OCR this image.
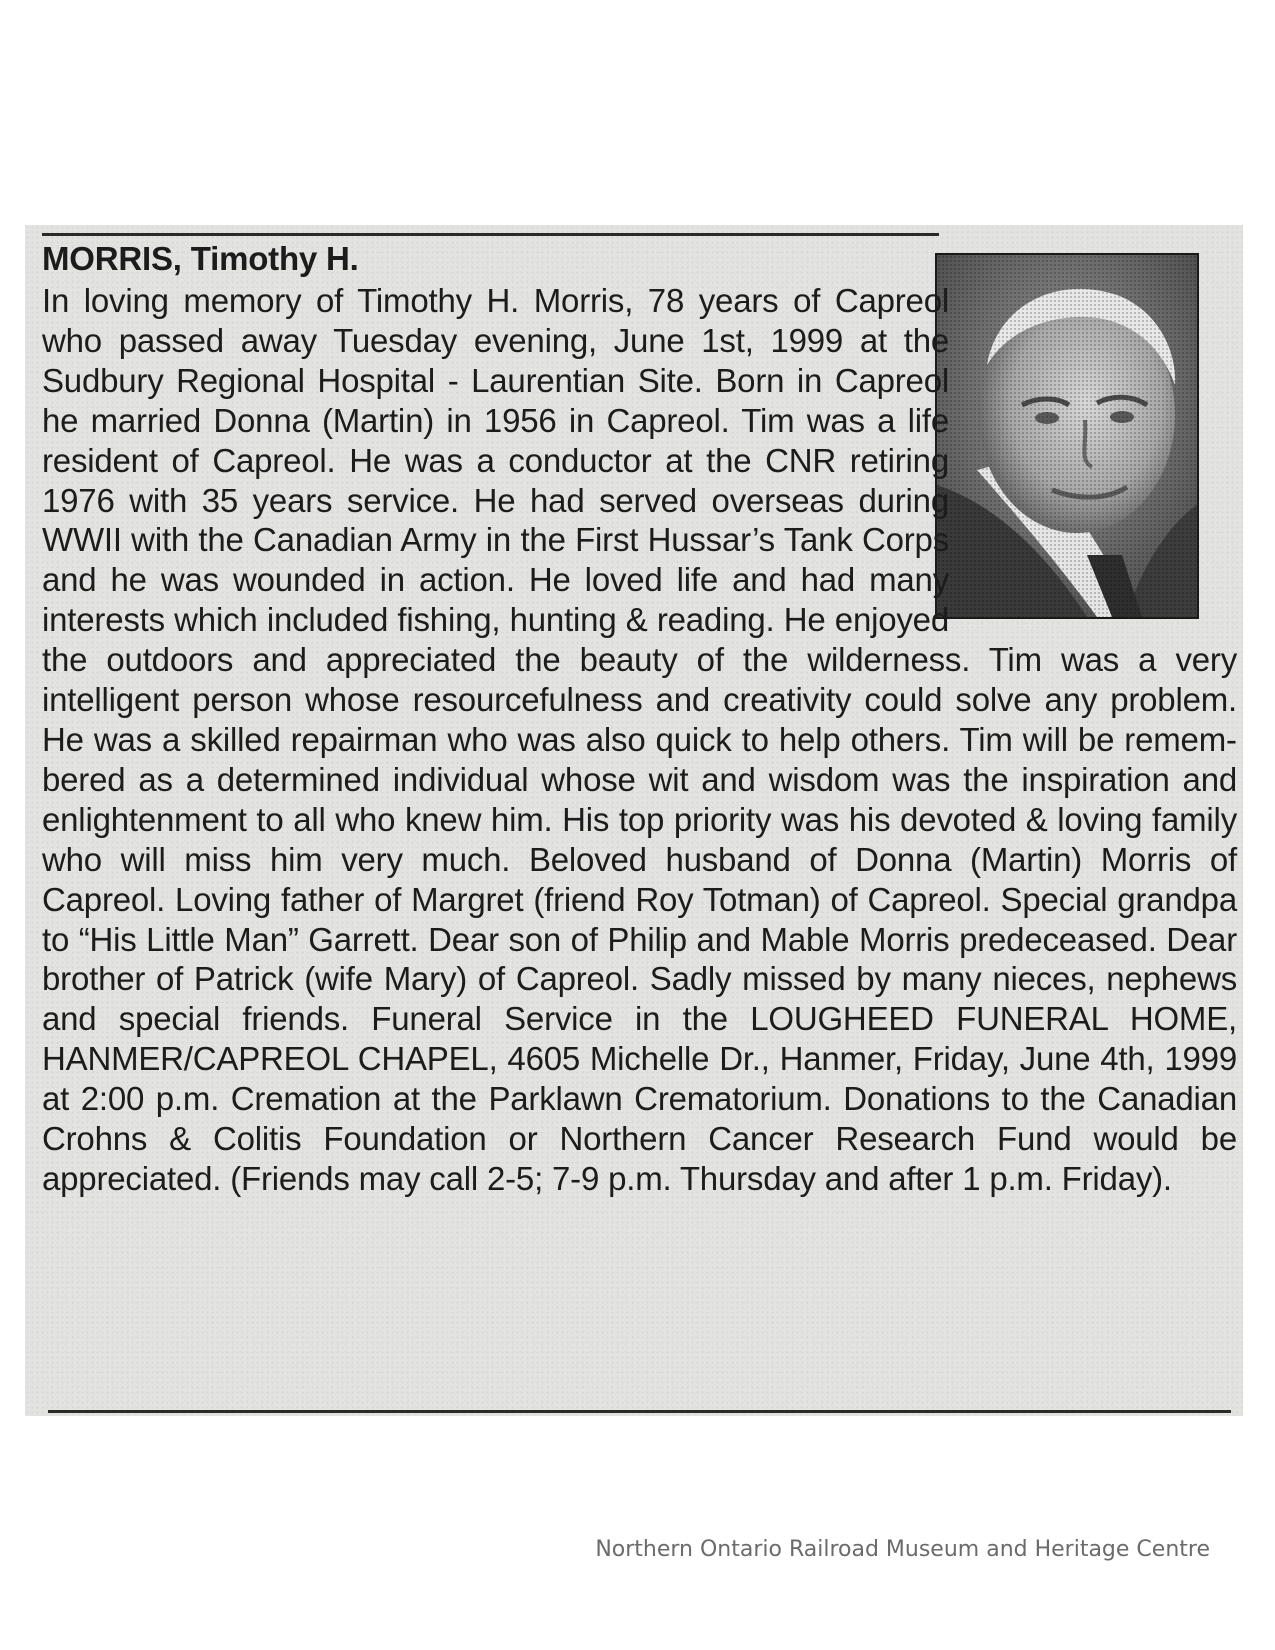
MORRIS, Timothy H.

In loving memory of Timothy H. Morris, 78 years of Capreol who passed away Tuesday evening, June 1st, 1999 at the Sudbury Regional Hospital - Laurentian Site. Born in Capreol he married Donna (Martin) in 1956 in Capreol. Tim was a life resident of Capreol. He was a conductor at the CNR retiring 1976 with 35 years service. He had served overseas during WWII with the Canadian Army in the First Hussar’s Tank Corps and he was wounded in action. He loved life and had many interests which included fishing, hunting & reading. He enjoyed the outdoors and appreciated the beauty of the wilderness. Tim was a very intelligent person whose resourcefulness and creativity could solve any problem. He was a skilled repairman who was also quick to help others. Tim will be remembered as a determined individual whose wit and wisdom was the inspiration and enlightenment to all who knew him. His top priority was his devoted & loving family who will miss him very much. Beloved husband of Donna (Martin) Morris of Capreol. Loving father of Margret (friend Roy Totman) of Capreol. Special grandpa to “His Little Man” Garrett. Dear son of Philip and Mable Morris predeceased. Dear brother of Patrick (wife Mary) of Capreol. Sadly missed by many nieces, nephews and special friends. Funeral Service in the LOUGHEED FUNERAL HOME, HANMER/CAPREOL CHAPEL, 4605 Michelle Dr., Hanmer, Friday, June 4th, 1999 at 2:00 p.m. Cremation at the Parklawn Crematorium. Donations to the Canadian Crohns & Colitis Foundation or Northern Cancer Research Fund would be appreciated. (Friends may call 2-5; 7-9 p.m. Thursday and after 1 p.m. Friday).

Northern Ontario Railroad Museum and Heritage Centre
